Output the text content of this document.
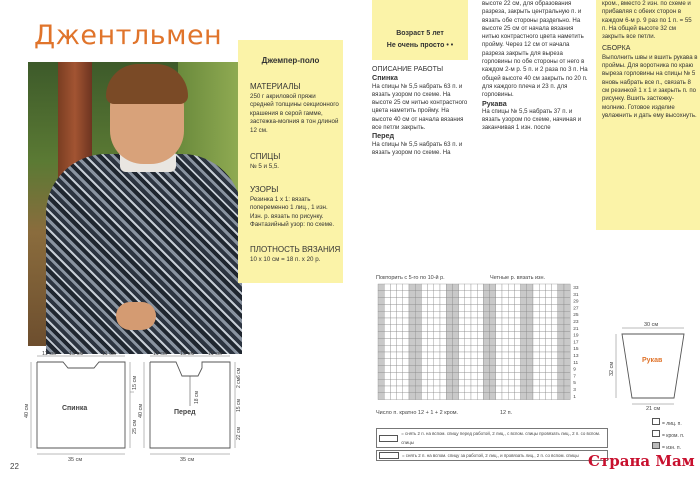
Джентльмен
Джемпер-поло
МАТЕРИАЛЫ
250 г акриловой пряжи средней толщины секционного крашения в серой гамме, застежка-молния в тон длиной 12 см.
СПИЦЫ
№ 5 и 5,5.
УЗОРЫ
Резинка 1 х 1: вязать попеременно 1 лиц., 1 изн. Изн. р. вязать по рисунку. Фантазийный узор: по схеме.
ПЛОТНОСТЬ ВЯЗАНИЯ
10 х 10 см = 18 п. х 20 р.
11 см 13 см	11 см
Спинка
35 см
40 см
15 см
25 см
11 см 13 см	11 см
Перед
35 см
40 см
6 см
2 см
15 см
22 см
18 см
22
Возраст 5 лет
Не очень просто • •
ОПИСАНИЕ РАБОТЫ
Спинка
На спицы № 5,5 набрать 63 п. и вязать узором по схеме. На высоте 25 см нитью контрастного цвета наметить пройму. На высоте 40 см от начала вязания все петли закрыть.
Перед
На спицы № 5,5 набрать 63 п. и вязать узором по схеме. На
высоте 22 см, для образования разреза, закрыть центральную п. и вязать обе стороны раздельно. На высоте 25 см от начала вязания нитью контрастного цвета наметить пройму. Через 12 см от начала разреза закрыть для выреза горловины по обе стороны от него в каждом 2-м р. 5 п. и 2 раза по 3 п. На общей высоте 40 см закрыть по 20 п. для каждого плеча и 23 п. для горловины.
Рукава
На спицы № 5,5 набрать 37 п. и вязать узором по схеме, начиная и заканчивая 1 изн. после
кром., вместо 2 изн. по схеме и прибавляя с обеих сторон в каждом 6-м р. 9 раз по 1 п. = 55 п. На общей высоте 32 см закрыть все петли.
СБОРКА
Выполнить швы и вшить рукава в проймы. Для воротника по краю выреза горловины на спицы № 5 вновь набрать все п., связать 8 см резинкой 1 х 1 и закрыть п. по рисунку. Вшить застежку-молнию. Готовое изделие увлажнить и дать ему высохнуть.
Повторить с 5-го по 10-й р.	Четные р. вязать изн.
33
31
29
27
25
23
21
19
17
15
13
11
9
7
5
3
1
Число п. кратно 12 + 1 + 2 кром.	12 п.
= снять 2 п. на вспом. спицу перед работой, 2 лиц., с вспом. спицы провязать лиц., 2 п. со вспом. спицы
= снять 2 п. на вспом. спицу за работой, 2 лиц., и провязать лиц., 2 п. со вспом. спицы
= лиц. п.
= кром. п.
= изн. п.
30 см
Рукав
21 см
32 см
Страна Мам
